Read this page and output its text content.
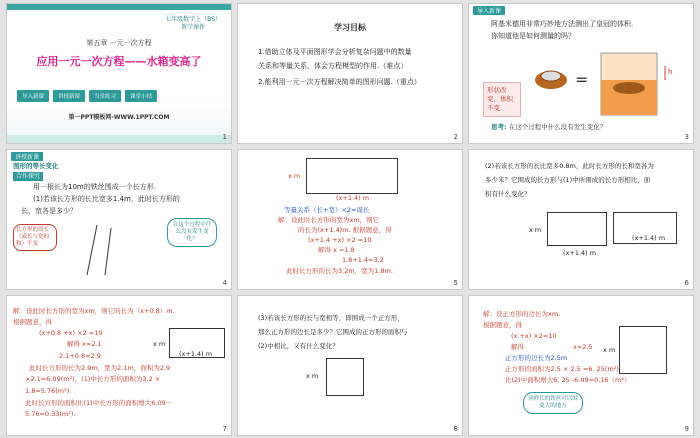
七年级数学上（BS）
教学课件
第五章 一元一次方程
应用一元一次方程——水箱变高了
导入新课	讲授新课	当堂练习	课堂小结
第一PPT模板网-WWW.1PPT.COM
1
学习目标
1.借助立体及平面图形学会分析复杂问题中的数量
关系和等量关系，体会方程模型的作用.（难点）
2.能利用一元一次方程解决简单的图形问题.（重点）
2
导入新课
阿基米德用非常巧妙地方法测出了皇冠的体积.
你知道他是如何测量的吗？
形状改变，体积不变
=	h
思考: 在这个过程中什么没有发生变化？
3
讲授新课
图形的等长变化
合作探究
用一根长为10m的铁丝围成一个长方形.
(1)若该长方形的长比宽多1.4m，此时长方形的
长、宽各是多少？
长方形的周长（或长与宽的和）不变
在这个过程中什么没有发生变化？
4
x m
(x+1.4) m
等量关系（长+宽）×2=周长
解：设此时长方形的宽为xm，则它
的长为(x+1.4)m. 根据题意，得
(x+1.4 +x) ×2 =10
解得 x =1.8
1.8+1.4=3.2
此时长方形的长为3.2m，宽为1.8m.
5
(2)若该长方形的长比宽多0.8m，此时长方形的长和宽各为
多少米？它围成的长方形与(1)中所围成的长方形相比，面
积有什么变化？
x m
(x+1.4) m
(x+1.4) m
6
解：设此时长方形的宽为xm，则它的长为（x+0.8）m.
根据题意，得
(x+0.8 +x) ×2 =10
解得 x=2.1
2.1+0.8=2.9
此时长方形的长为2.9m，宽为2.1m，面积为2.9
×2.1=6.09(m²)，(1)中长方形的面积为3.2 ×
1.8=5.76(m²).
此时长方形的面积比(1)中长方形的面积增大6.09－
5.76=0.33(m²).
x m
(x+1.4) m
7
(3)若该长方形的长与宽相等，即围成一个正方形，
那么正方形的边长是多少？它围成的正方形的面积与
(2)中相比，又有什么变化？
x m
8
解：设正方形的边长为xm.
根据题意，得
(x +x) ×2=10
解得	x=2.5
正方形的边长为2.5m
正方形的面积为2.5 × 2.5 =6. 25(m²)
比(2)中面积增大6. 25 -6.09=0.16（m²）
同样长的铁丝可以围更大的地方
x m
9
